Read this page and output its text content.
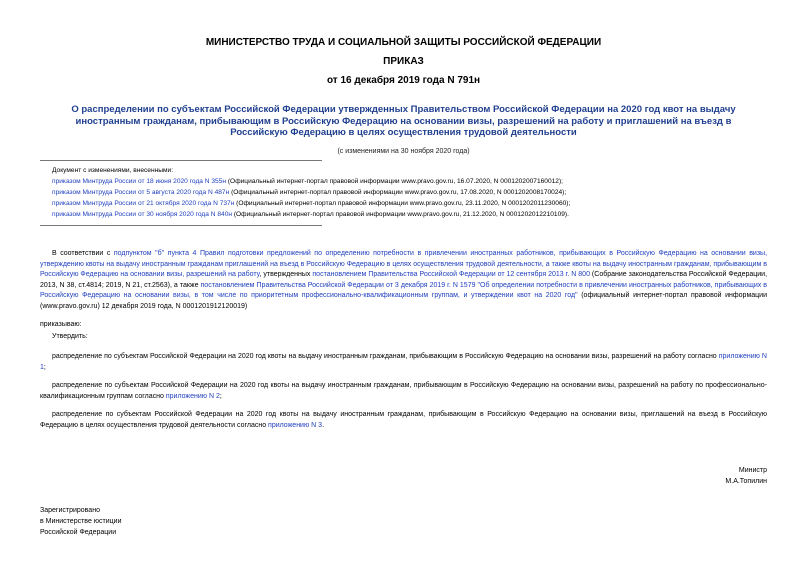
МИНИСТЕРСТВО ТРУДА И СОЦИАЛЬНОЙ ЗАЩИТЫ РОССИЙСКОЙ ФЕДЕРАЦИИ
ПРИКАЗ
от 16 декабря 2019 года N 791н
О распределении по субъектам Российской Федерации утвержденных Правительством Российской Федерации на 2020 год квот на выдачу иностранным гражданам, прибывающим в Российскую Федерацию на основании визы, разрешений на работу и приглашений на въезд в Российскую Федерацию в целях осуществления трудовой деятельности
(с изменениями на 30 ноября 2020 года)
Документ с изменениями, внесенными:
приказом Минтруда России от 18 июня 2020 года N 355н (Официальный интернет-портал правовой информации www.pravo.gov.ru, 16.07.2020, N 0001202007160012);
приказом Минтруда России от 5 августа 2020 года N 487н (Официальный интернет-портал правовой информации www.pravo.gov.ru, 17.08.2020, N 0001202008170024);
приказом Минтруда России от 21 октября 2020 года N 737н (Официальный интернет-портал правовой информации www.pravo.gov.ru, 23.11.2020, N 0001202011230060);
приказом Минтруда России от 30 ноября 2020 года N 840н (Официальный интернет-портал правовой информации www.pravo.gov.ru, 21.12.2020, N 0001202012210109).
В соответствии с подпунктом "б" пункта 4 Правил подготовки предложений по определению потребности в привлечении иностранных работников, прибывающих в Российскую Федерацию на основании визы, утверждению квоты на выдачу иностранным гражданам приглашений на въезд в Российскую Федерацию в целях осуществления трудовой деятельности, а также квоты на выдачу иностранным гражданам, прибывающим в Российскую Федерацию на основании визы, разрешений на работу, утвержденных постановлением Правительства Российской Федерации от 12 сентября 2013 г. N 800 (Собрание законодательства Российской Федерации, 2013, N 38, ст.4814; 2019, N 21, ст.2563), а также постановлением Правительства Российской Федерации от 3 декабря 2019 г. N 1579 "Об определении потребности в привлечении иностранных работников, прибывающих в Российскую Федерацию на основании визы, в том числе по приоритетным профессионально-квалификационным группам, и утверждении квот на 2020 год" (официальный интернет-портал правовой информации (www.pravo.gov.ru) 12 декабря 2019 года, N 0001201912120019)
приказываю:
Утвердить:
распределение по субъектам Российской Федерации на 2020 год квоты на выдачу иностранным гражданам, прибывающим в Российскую Федерацию на основании визы, разрешений на работу согласно приложению N 1;
распределение по субъектам Российской Федерации на 2020 год квоты на выдачу иностранным гражданам, прибывающим в Российскую Федерацию на основании визы, разрешений на работу по профессионально-квалификационным группам согласно приложению N 2;
распределение по субъектам Российской Федерации на 2020 год квоты на выдачу иностранным гражданам, прибывающим в Российскую Федерацию на основании визы, приглашений на въезд в Российскую Федерацию в целях осуществления трудовой деятельности согласно приложению N 3.
Министр
М.А.Топилин
Зарегистрировано
в Министерстве юстиции
Российской Федерации
